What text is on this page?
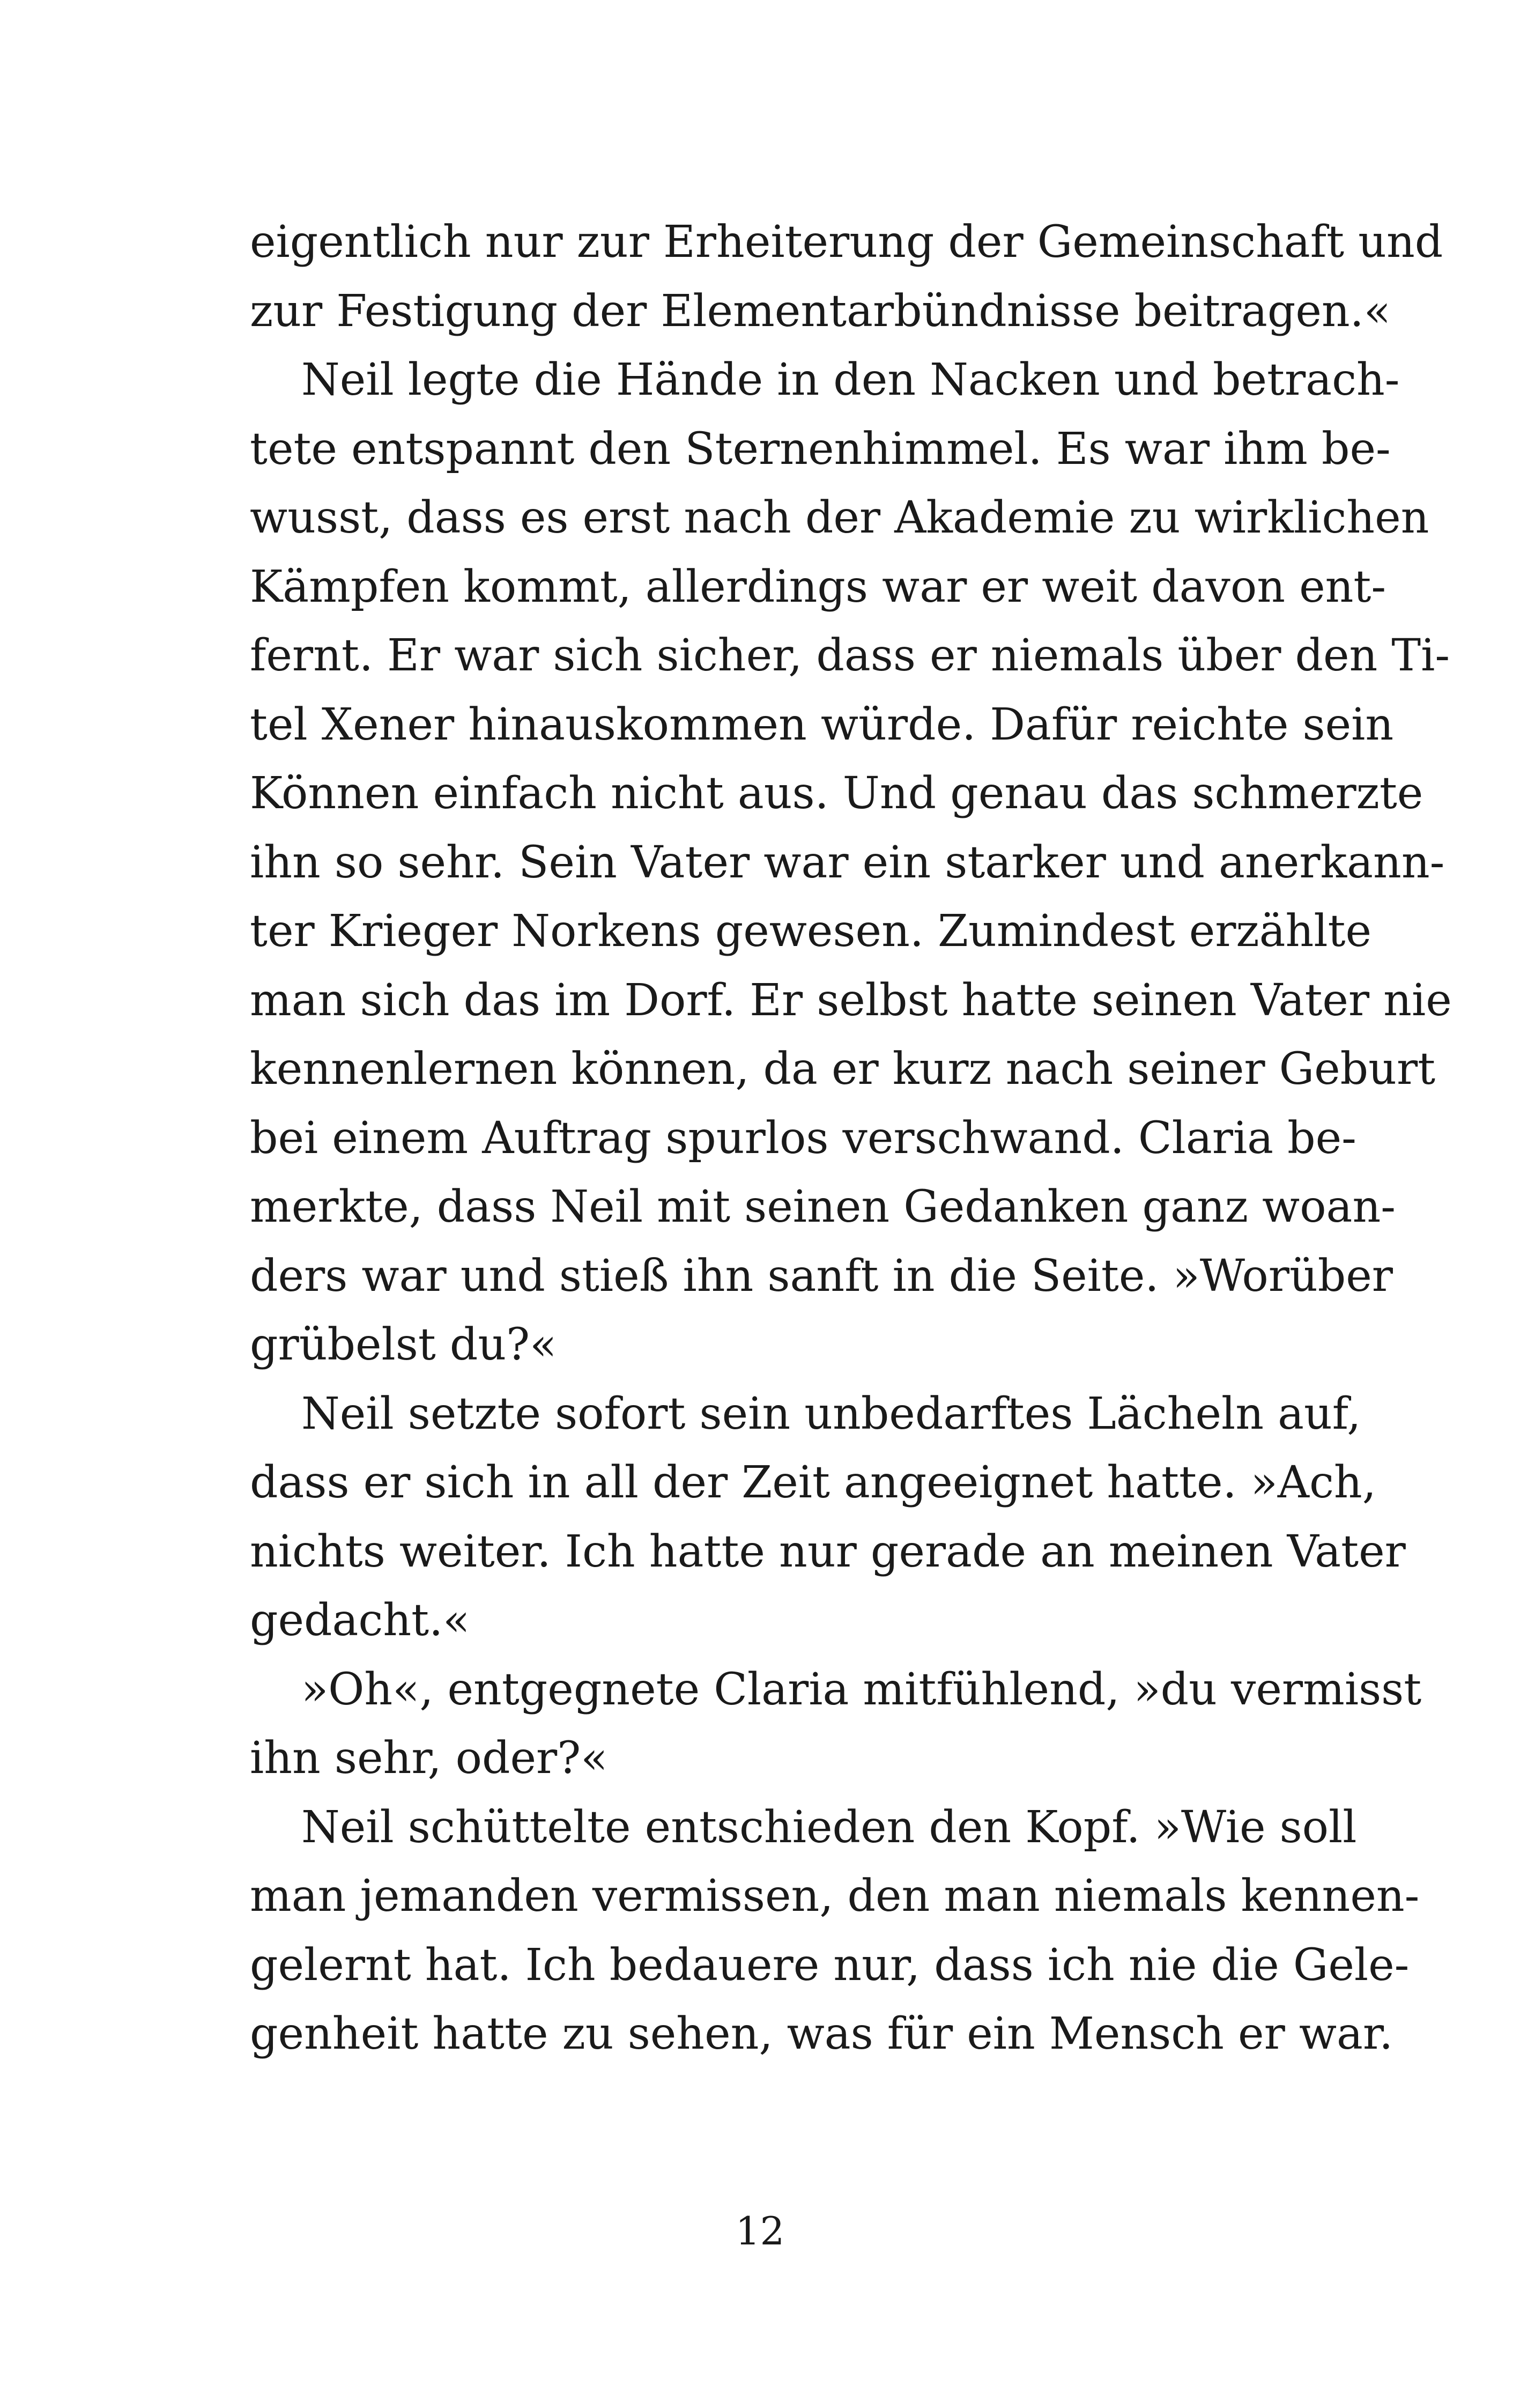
eigentlich nur zur Erheiterung der Gemeinschaft und
zur Festigung der Elementarbündnisse beitragen.«
Neil legte die Hände in den Nacken und betrach-
tete entspannt den Sternenhimmel. Es war ihm be-
wusst, dass es erst nach der Akademie zu wirklichen
Kämpfen kommt, allerdings war er weit davon ent-
fernt. Er war sich sicher, dass er niemals über den Ti-
tel Xener hinauskommen würde. Dafür reichte sein
Können einfach nicht aus. Und genau das schmerzte
ihn so sehr. Sein Vater war ein starker und anerkann-
ter Krieger Norkens gewesen. Zumindest erzählte
man sich das im Dorf. Er selbst hatte seinen Vater nie
kennenlernen können, da er kurz nach seiner Geburt
bei einem Auftrag spurlos verschwand. Claria be-
merkte, dass Neil mit seinen Gedanken ganz woan-
ders war und stieß ihn sanft in die Seite. »Worüber
grübelst du?«
Neil setzte sofort sein unbedarftes Lächeln auf,
dass er sich in all der Zeit angeeignet hatte. »Ach,
nichts weiter. Ich hatte nur gerade an meinen Vater
gedacht.«
»Oh«, entgegnete Claria mitfühlend, »du vermisst
ihn sehr, oder?«
Neil schüttelte entschieden den Kopf. »Wie soll
man jemanden vermissen, den man niemals kennen-
gelernt hat. Ich bedauere nur, dass ich nie die Gele-
genheit hatte zu sehen, was für ein Mensch er war.
12
